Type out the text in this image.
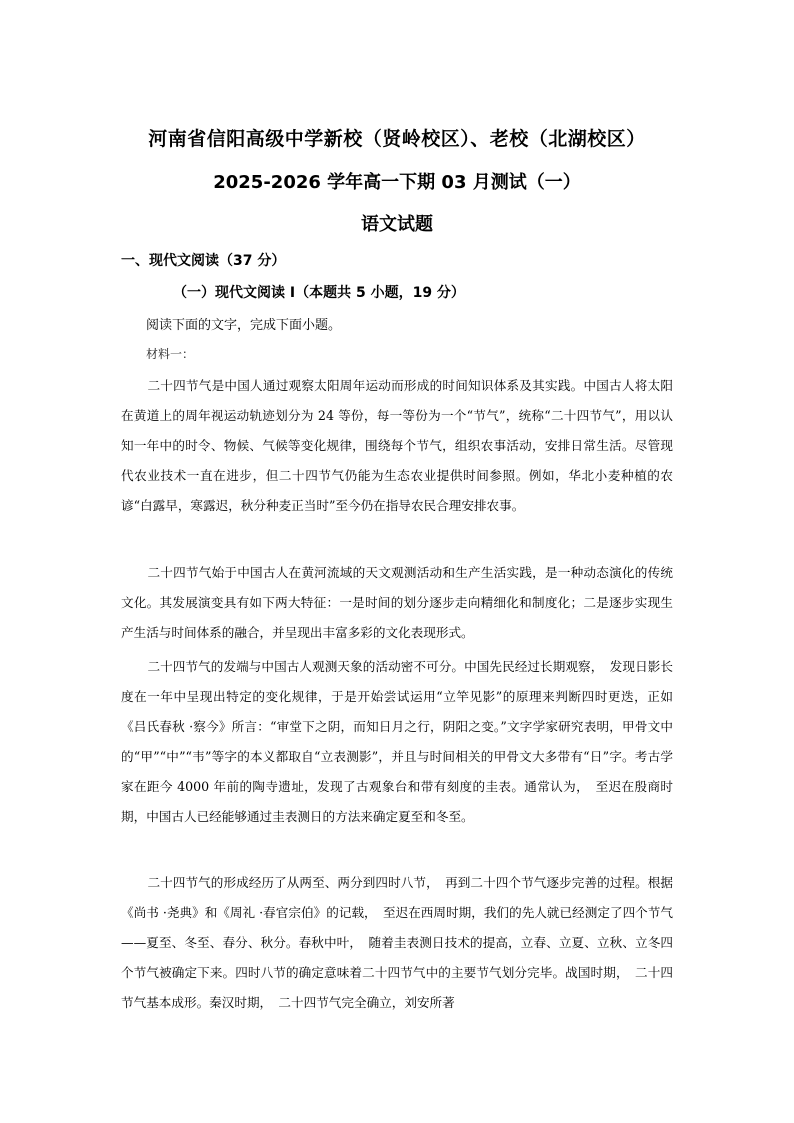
河南省信阳高级中学新校（贤岭校区）、老校（北湖校区）
2025-2026 学年高一下期 03 月测试（一）
语文试题
一、现代文阅读（37 分）
（一）现代文阅读 I（本题共 5 小题，19 分）
阅读下面的文字，完成下面小题。
材料一：

二十四节气是中国人通过观察太阳周年运动而形成的时间知识体系及其实践。中国古人将太阳在黄道上的周年视运动轨迹划分为 24 等份，每一等份为一个“节气”，统称“二十四节气”，用以认知一年中的时令、物候、气候等变化规律，围绕每个节气，组织农事活动，安排日常生活。尽管现代农业技术一直在进步，但二十四节气仍能为生态农业提供时间参照。例如，华北小麦种植的农谚“白露早，寒露迟，秋分种麦正当时”至今仍在指导农民合理安排农事。

二十四节气始于中国古人在黄河流域的天文观测活动和生产生活实践，是一种动态演化的传统文化。其发展演变具有如下两大特征：一是时间的划分逐步走向精细化和制度化；二是逐步实现生产生活与时间体系的融合，并呈现出丰富多彩的文化表现形式。

二十四节气的发端与中国古人观测天象的活动密不可分。中国先民经过长期观察，　发现日影长度在一年中呈现出特定的变化规律，于是开始尝试运用“立竿见影”的原理来判断四时更迭，正如《吕氏春秋 ·察今》所言：“审堂下之阴，而知日月之行，阴阳之变。”文字学家研究表明，甲骨文中的“甲”“中”“韦”等字的本义都取自“立表测影”，并且与时间相关的甲骨文大多带有“日”字。考古学家在距今 4000 年前的陶寺遗址，发现了古观象台和带有刻度的圭表。通常认为，　至迟在殷商时期，中国古人已经能够通过圭表测日的方法来确定夏至和冬至。

二十四节气的形成经历了从两至、两分到四时八节，　再到二十四个节气逐步完善的过程。根据《尚书 ·尧典》和《周礼 ·春官宗伯》的记载，　至迟在西周时期，我们的先人就已经测定了四个节气——夏至、冬至、春分、秋分。春秋中叶，　随着圭表测日技术的提高，立春、立夏、立秋、立冬四个节气被确定下来。四时八节的确定意味着二十四节气中的主要节气划分完毕。战国时期，　二十四节气基本成形。秦汉时期，　二十四节气完全确立，刘安所著
